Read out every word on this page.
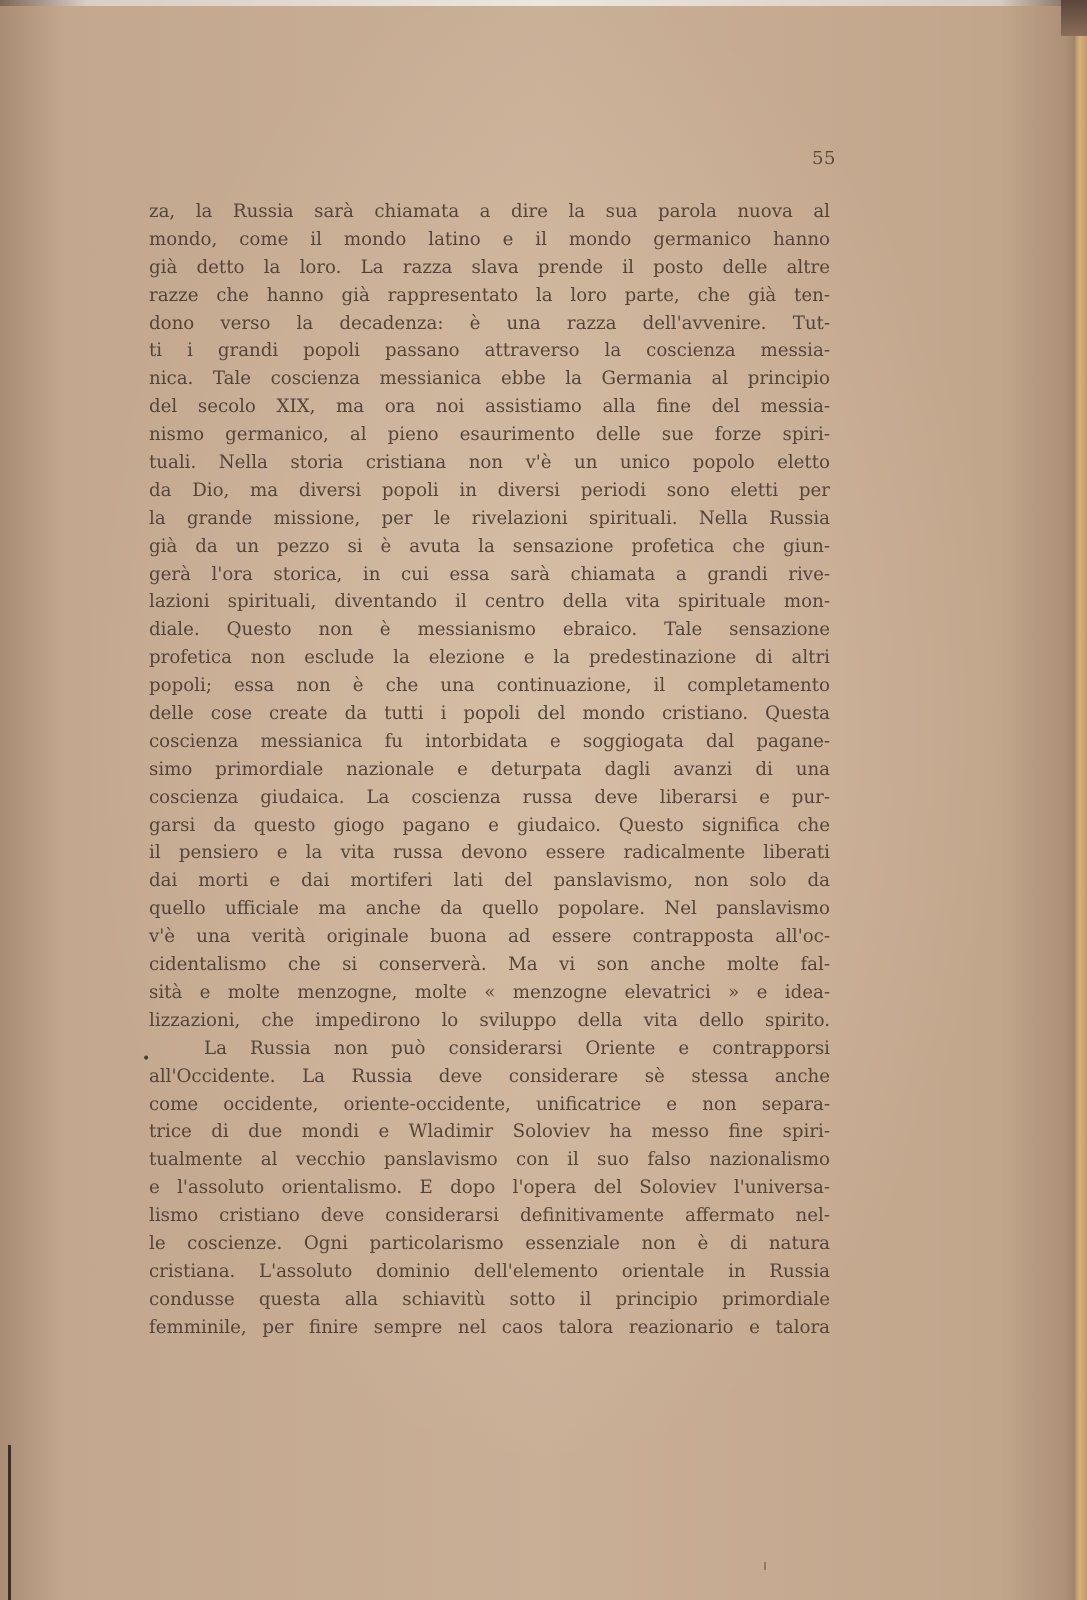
55
•
za, la Russia sarà chiamata a dire la sua parola nuova al
mondo, come il mondo latino e il mondo germanico hanno
già detto la loro. La razza slava prende il posto delle altre
razze che hanno già rappresentato la loro parte, che già ten-
dono verso la decadenza: è una razza dell'avvenire. Tut-
ti i grandi popoli passano attraverso la coscienza messia-
nica. Tale coscienza messianica ebbe la Germania al principio
del secolo XIX, ma ora noi assistiamo alla fine del messia-
nismo germanico, al pieno esaurimento delle sue forze spiri-
tuali. Nella storia cristiana non v'è un unico popolo eletto
da Dio, ma diversi popoli in diversi periodi sono eletti per
la grande missione, per le rivelazioni spirituali. Nella Russia
già da un pezzo si è avuta la sensazione profetica che giun-
gerà l'ora storica, in cui essa sarà chiamata a grandi rive-
lazioni spirituali, diventando il centro della vita spirituale mon-
diale. Questo non è messianismo ebraico. Tale sensazione
profetica non esclude la elezione e la predestinazione di altri
popoli; essa non è che una continuazione, il completamento
delle cose create da tutti i popoli del mondo cristiano. Questa
coscienza messianica fu intorbidata e soggiogata dal pagane-
simo primordiale nazionale e deturpata dagli avanzi di una
coscienza giudaica. La coscienza russa deve liberarsi e pur-
garsi da questo giogo pagano e giudaico. Questo significa che
il pensiero e la vita russa devono essere radicalmente liberati
dai morti e dai mortiferi lati del panslavismo, non solo da
quello ufficiale ma anche da quello popolare. Nel panslavismo
v'è una verità originale buona ad essere contrapposta all'oc-
cidentalismo che si conserverà. Ma vi son anche molte fal-
sità e molte menzogne, molte « menzogne elevatrici » e idea-
lizzazioni, che impedirono lo sviluppo della vita dello spirito.
La Russia non può considerarsi Oriente e contrapporsi
all'Occidente. La Russia deve considerare sè stessa anche
come occidente, oriente-occidente, unificatrice e non separa-
trice di due mondi e Wladimir Soloviev ha messo fine spiri-
tualmente al vecchio panslavismo con il suo falso nazionalismo
e l'assoluto orientalismo. E dopo l'opera del Soloviev l'universa-
lismo cristiano deve considerarsi definitivamente affermato nel-
le coscienze. Ogni particolarismo essenziale non è di natura
cristiana. L'assoluto dominio dell'elemento orientale in Russia
condusse questa alla schiavitù sotto il principio primordiale
femminile, per finire sempre nel caos talora reazionario e talora
